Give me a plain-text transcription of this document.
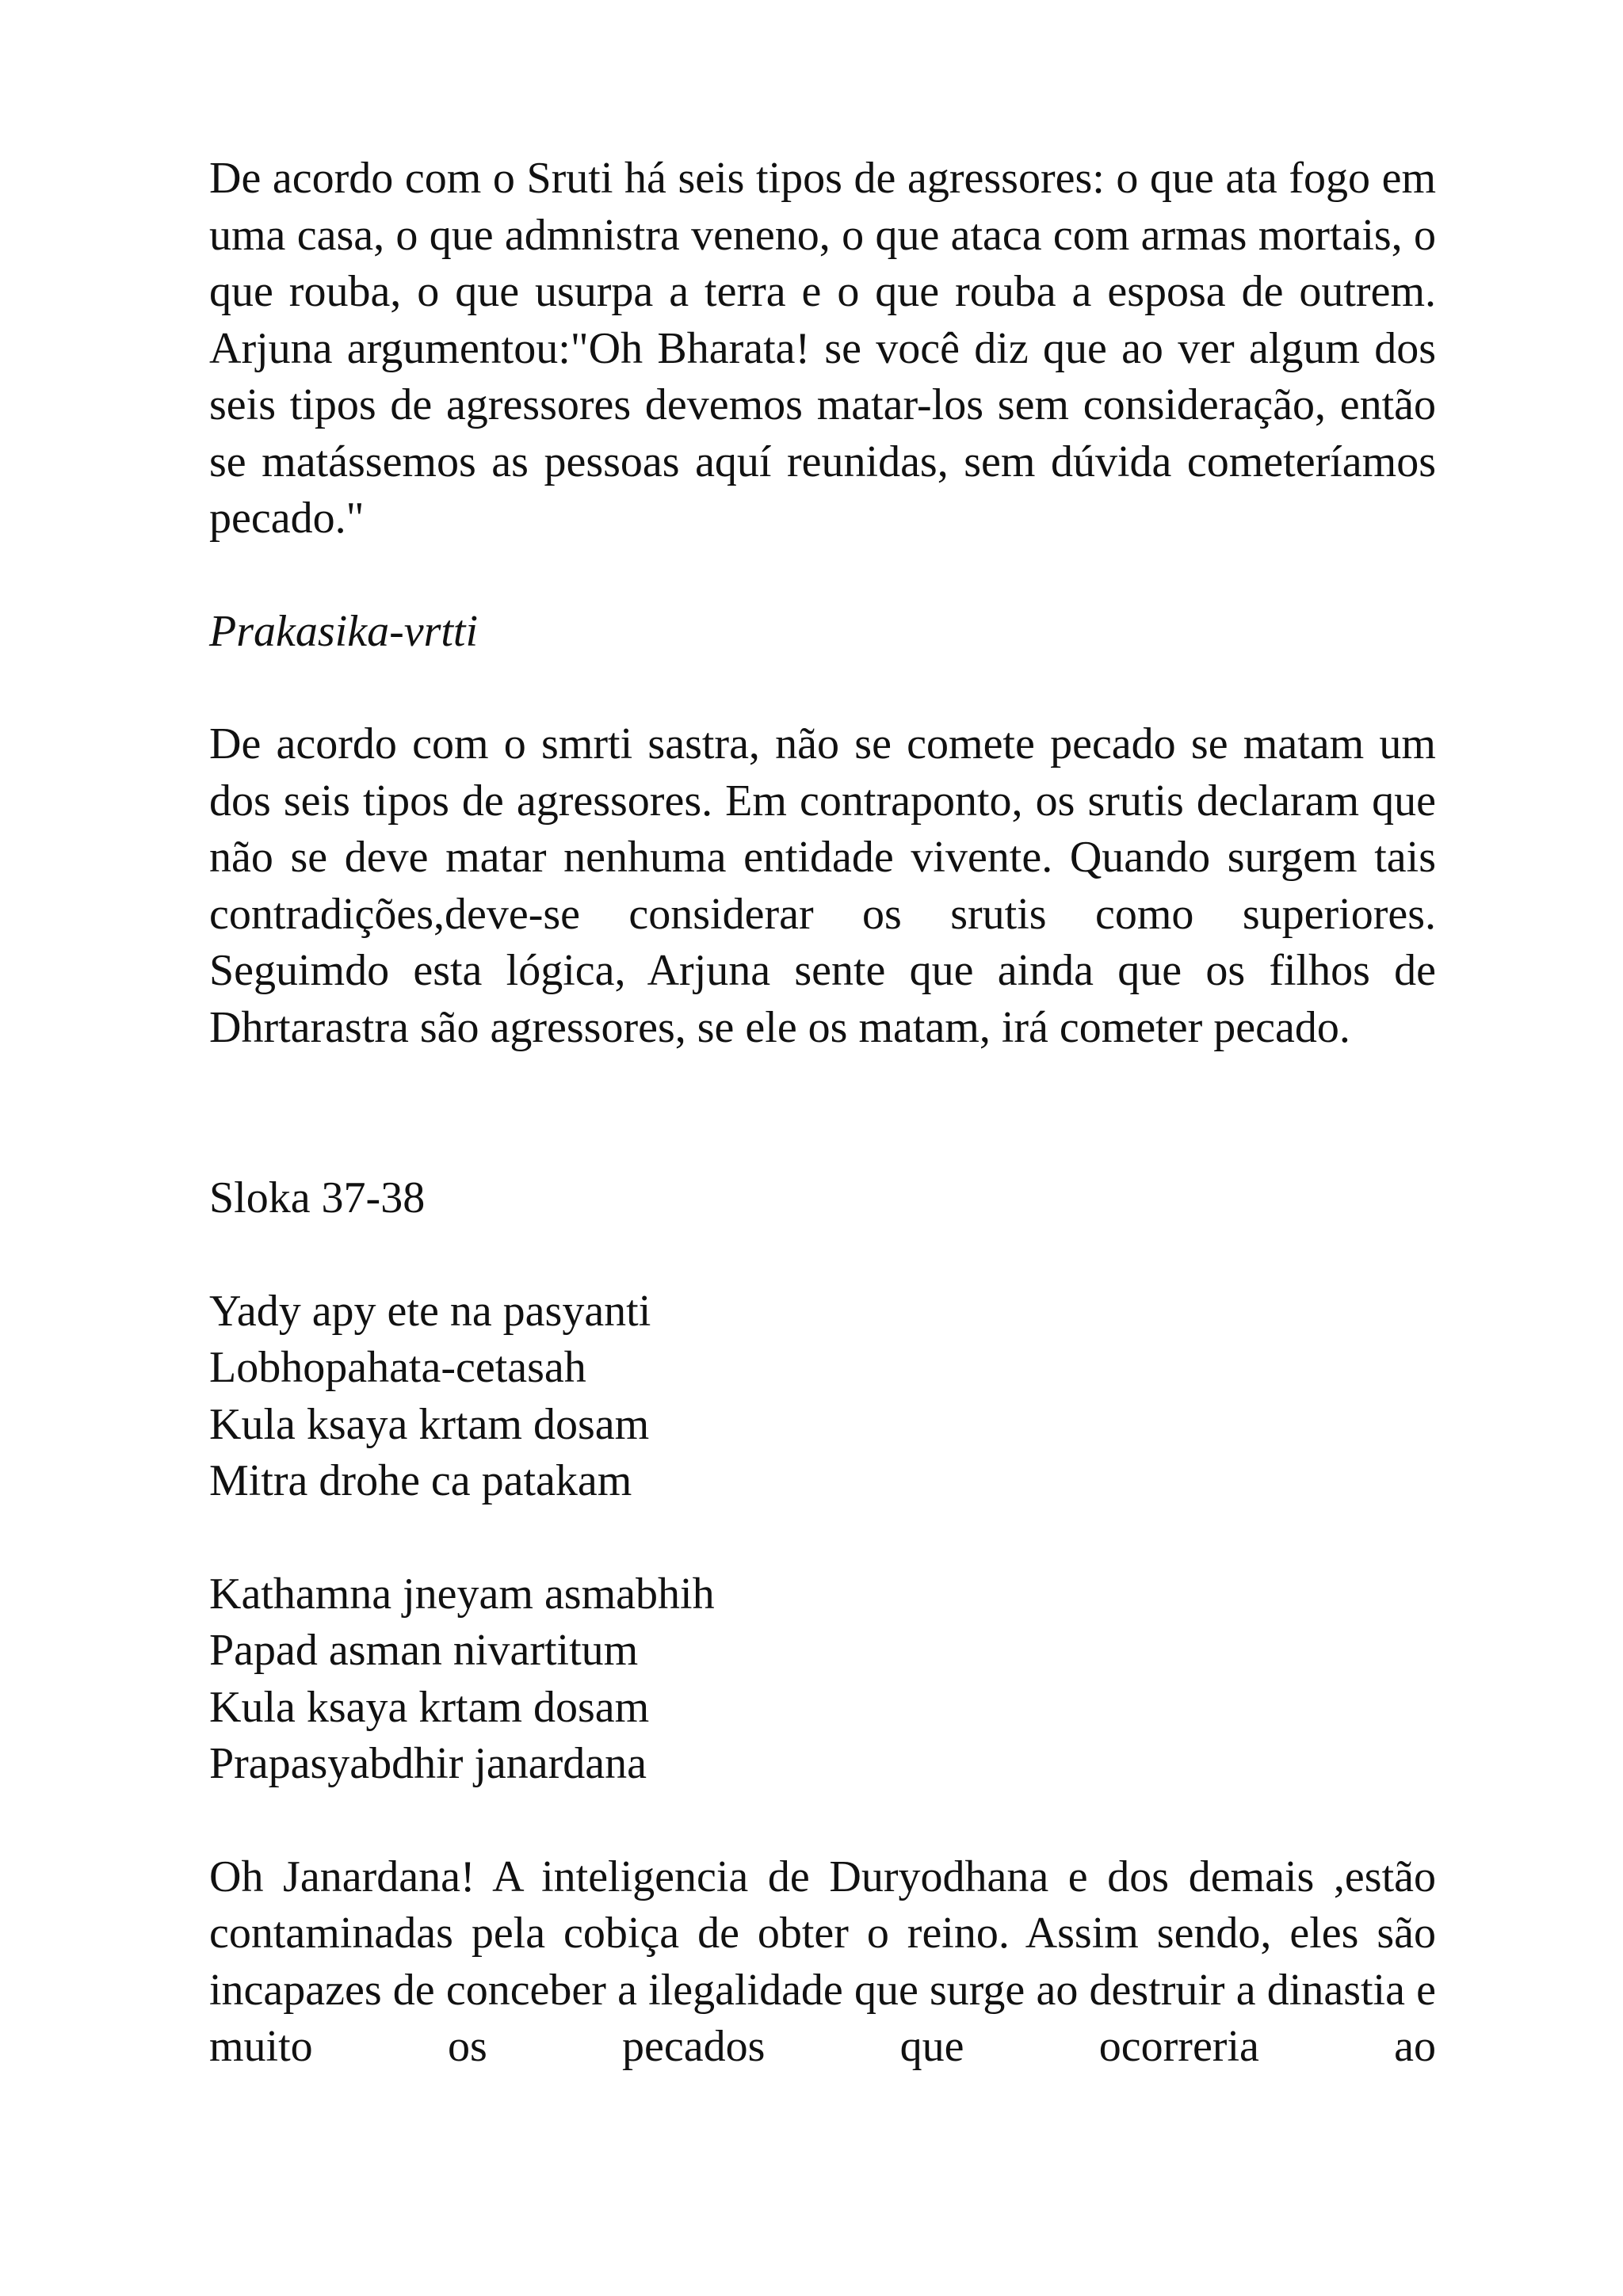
De acordo com o Sruti há seis tipos de agressores: o que ata fogo em uma casa, o que admnistra veneno, o que ataca com armas mortais, o que rouba, o que usurpa a terra e o que rouba a esposa de outrem. Arjuna argumentou:"Oh Bharata! se você diz que ao ver algum dos seis tipos de agressores devemos matar-los sem consideração, então se matássemos as pessoas aquí reunidas, sem dúvida cometeríamos pecado."

Prakasika-vrtti

De acordo com o smrti sastra, não se comete pecado se matam um dos seis tipos de agressores. Em contraponto, os srutis declaram que não se deve matar nenhuma entidade vivente. Quando surgem tais contradições,deve-se considerar os srutis como superiores. Seguimdo esta lógica, Arjuna sente que ainda que os filhos de Dhrtarastra são agressores, se ele os matam, irá cometer pecado.

Sloka 37-38

Yady apy ete na pasyanti
Lobhopahata-cetasah
Kula ksaya krtam dosam
Mitra drohe ca patakam
Kathamna jneyam asmabhih
Papad asman nivartitum
Kula ksaya krtam dosam
Prapasyabdhir janardana

Oh Janardana! A inteligencia de Duryodhana e dos demais ,estão contaminadas pela cobiça de obter o reino. Assim sendo, eles são incapazes de conceber a ilegalidade que surge ao destruir a dinastia e muito os pecados que ocorreria ao
